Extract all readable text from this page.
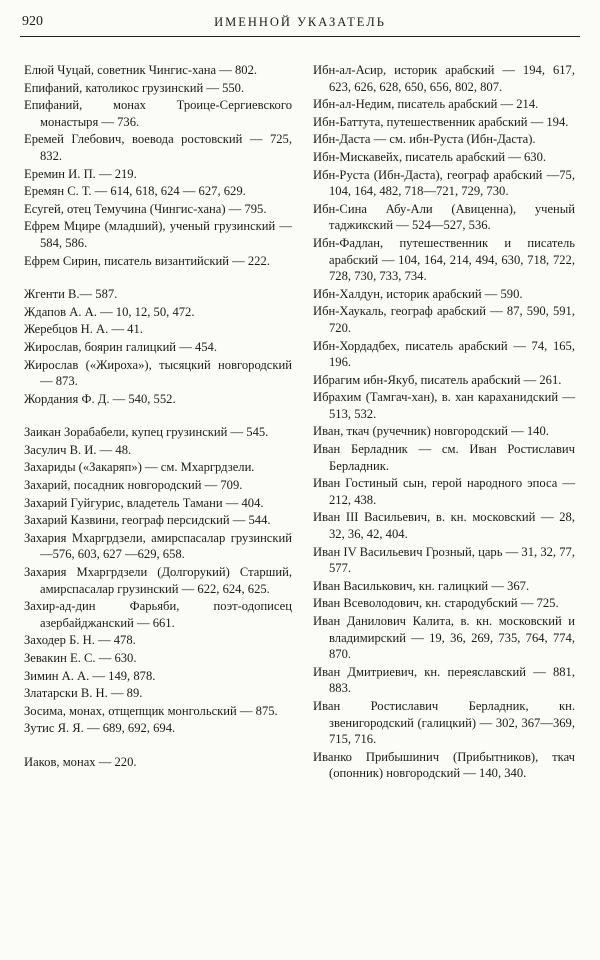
920	ИМЕННОЙ УКАЗАТЕЛЬ
Елюй Чуцай, советник Чингис-хана — 802.
Епифаний, католикос грузинский — 550.
Епифаний, монах Троице-Сергиевского монастыря — 736.
Еремей Глебович, воевода ростовский — 725, 832.
Еремин И. П. — 219.
Еремян С. Т. — 614, 618, 624 — 627, 629.
Есугей, отец Темучина (Чингис-хана) — 795.
Ефрем Мцире (младший), ученый грузинский — 584, 586.
Ефрем Сирин, писатель византийский — 222.
Жгенти В.— 587.
Ждапов А. А. — 10, 12, 50, 472.
Жеребцов Н. А. — 41.
Жирослав, боярин галицкий — 454.
Жирослав («Жироха»), тысяцкий новгородский — 873.
Жордания Ф. Д. — 540, 552.
Заикан Зорабабели, купец грузинский — 545.
Засулич В. И. — 48.
Захариды («Закаряп») — см. Мхаргрдзели.
Захарий, посадник новгородский — 709.
Захарий Гуйгурис, владетель Тамани — 404.
Захарий Казвини, географ персидский — 544.
Захария Мхаргрдзели, амирспасалар грузинский —576, 603, 627 —629, 658.
Захария Мхаргрдзели (Долгорукий) Старший, амирспасалар грузинский — 622, 624, 625.
Захир-ад-дин Фарьяби, поэт-одописец азербайджанский — 661.
Заходер Б. Н. — 478.
Зевакин Е. С. — 630.
Зимин А. А. — 149, 878.
Златарски В. Н. — 89.
Зосима, монах, отщепщик монгольский — 875.
Зутис Я. Я. — 689, 692, 694.
Иаков, монах — 220.
Ибн-ал-Асир, историк арабский — 194, 617, 623, 626, 628, 650, 656, 802, 807.
Ибн-ал-Недим, писатель арабский — 214.
Ибн-Баттута, путешественник арабский — 194.
Ибн-Даста — см. ибн-Руста (Ибн-Даста).
Ибн-Мискавейх, писатель арабский — 630.
Ибн-Руста (Ибн-Даста), географ арабский —75, 104, 164, 482, 718—721, 729, 730.
Ибн-Сина Абу-Али (Авиценна), ученый таджикский — 524—527, 536.
Ибн-Фадлан, путешественник и писатель арабский — 104, 164, 214, 494, 630, 718, 722, 728, 730, 733, 734.
Ибн-Халдун, историк арабский — 590.
Ибн-Хаукаль, географ арабский — 87, 590, 591, 720.
Ибн-Хордадбех, писатель арабский — 74, 165, 196.
Ибрагим ибн-Якуб, писатель арабский — 261.
Ибрахим (Тамгач-хан), в. хан караханидский — 513, 532.
Иван, ткач (ручечник) новгородский — 140.
Иван Берладник — см. Иван Ростиславич Берладник.
Иван Гостиный сын, герой народного эпоса — 212, 438.
Иван III Васильевич, в. кн. московский — 28, 32, 36, 42, 404.
Иван IV Васильевич Грозный, царь — 31, 32, 77, 577.
Иван Василькович, кн. галицкий — 367.
Иван Всеволодович, кн. стародубский — 725.
Иван Данилович Калита, в. кн. московский и владимирский — 19, 36, 269, 735, 764, 774, 870.
Иван Дмитриевич, кн. переяславский — 881, 883.
Иван Ростиславич Берладник, кн. звенигородский (галицкий) — 302, 367—369, 715, 716.
Иванко Прибышинич (Прибытников), ткач (опонник) новгородский — 140, 340.
